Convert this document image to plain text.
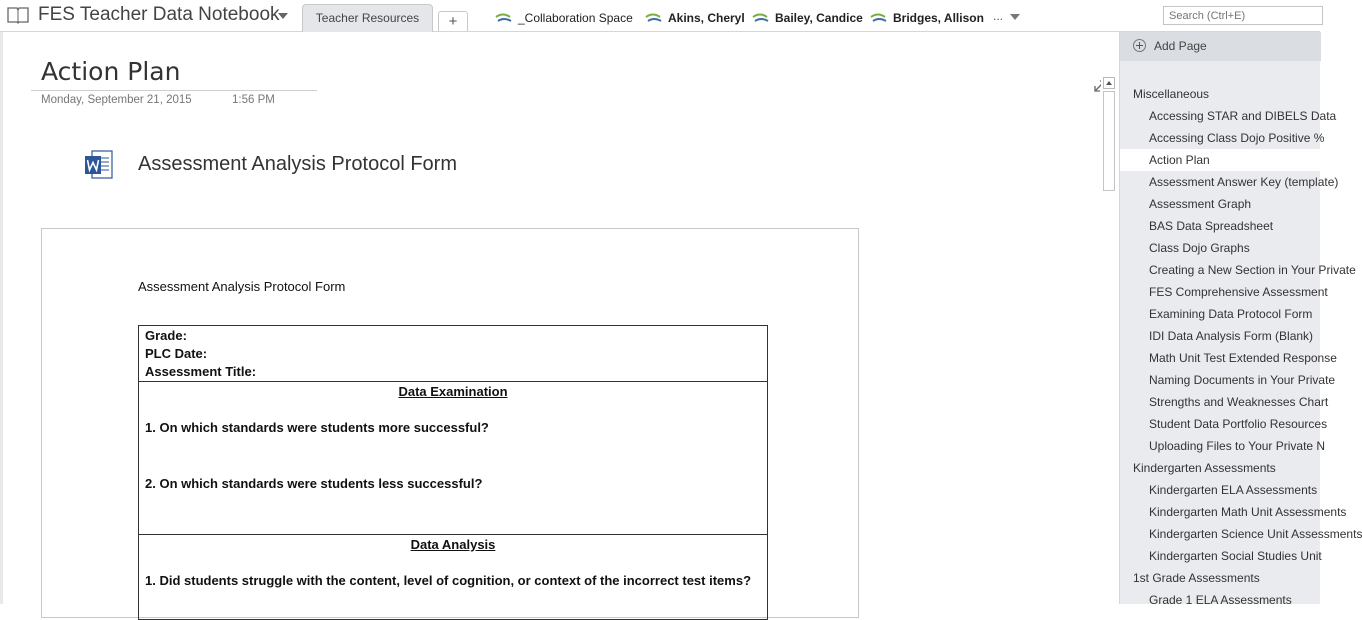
FES Teacher Data Notebook	Teacher Resources	+	_Collaboration Space	Akins, Cheryl	Bailey, Candice	Bridges, Allison ...
Search (Ctrl+E)
Action Plan
Monday, September 21, 2015	1:56 PM
Assessment Analysis Protocol Form
Assessment Analysis Protocol Form

Grade:

PLC Date:

Assessment Title:

Data Examination

1. On which standards were students more successful?

2. On which standards were students less successful?

Data Analysis

1. Did students struggle with the content, level of cognition, or context of the incorrect test items?

Add Page
Miscellaneous
Accessing STAR and DIBELS Data
Accessing Class Dojo Positive %
Action Plan
Assessment Answer Key (template)
Assessment Graph
BAS Data Spreadsheet
Class Dojo Graphs
Creating a New Section in Your Private
FES Comprehensive Assessment
Examining Data Protocol Form
IDI Data Analysis Form (Blank)
Math Unit Test Extended Response
Naming Documents in Your Private
Strengths and Weaknesses Chart
Student Data Portfolio Resources
Uploading Files to Your Private N
Kindergarten Assessments
Kindergarten ELA Assessments
Kindergarten Math Unit Assessments
Kindergarten Science Unit Assessments
Kindergarten Social Studies Unit
1st Grade Assessments
Grade 1 ELA Assessments
